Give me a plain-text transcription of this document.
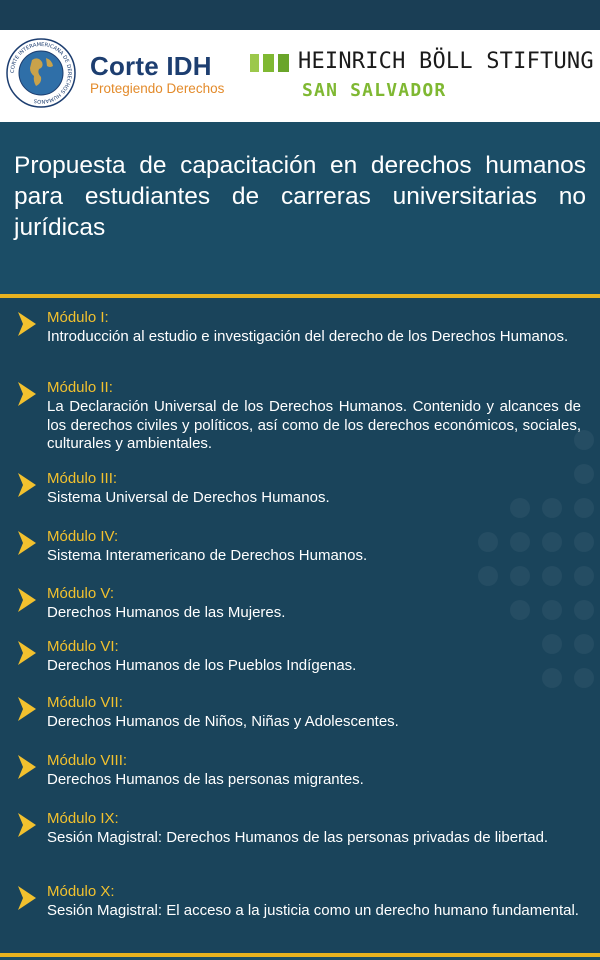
CORTE INTERAMERICANA DE DERECHOS HUMANOS
Corte IDH
Protegiendo Derechos
HEINRICH BÖLL STIFTUNG
SAN SALVADOR
Propuesta de capacitación en derechos humanos para estudiantes de carreras universitarias no jurídicas
Módulo I:
Introducción al estudio e investigación del derecho de los Derechos Humanos.
Módulo II:
La Declaración Universal de los Derechos Humanos. Contenido y alcances de los derechos civiles y políticos, así como de los derechos económicos, sociales, culturales y ambientales.
Módulo III:
Sistema Universal de Derechos Humanos.
Módulo IV:
Sistema Interamericano de Derechos Humanos.
Módulo V:
Derechos Humanos de las Mujeres.
Módulo VI:
Derechos Humanos de los Pueblos Indígenas.
Módulo VII:
Derechos Humanos de Niños, Niñas y Adolescentes.
Módulo VIII:
Derechos Humanos de las personas migrantes.
Módulo IX:
Sesión Magistral: Derechos Humanos de las personas privadas de libertad.
Módulo X:
Sesión Magistral: El acceso a la justicia como un derecho humano fundamental.
